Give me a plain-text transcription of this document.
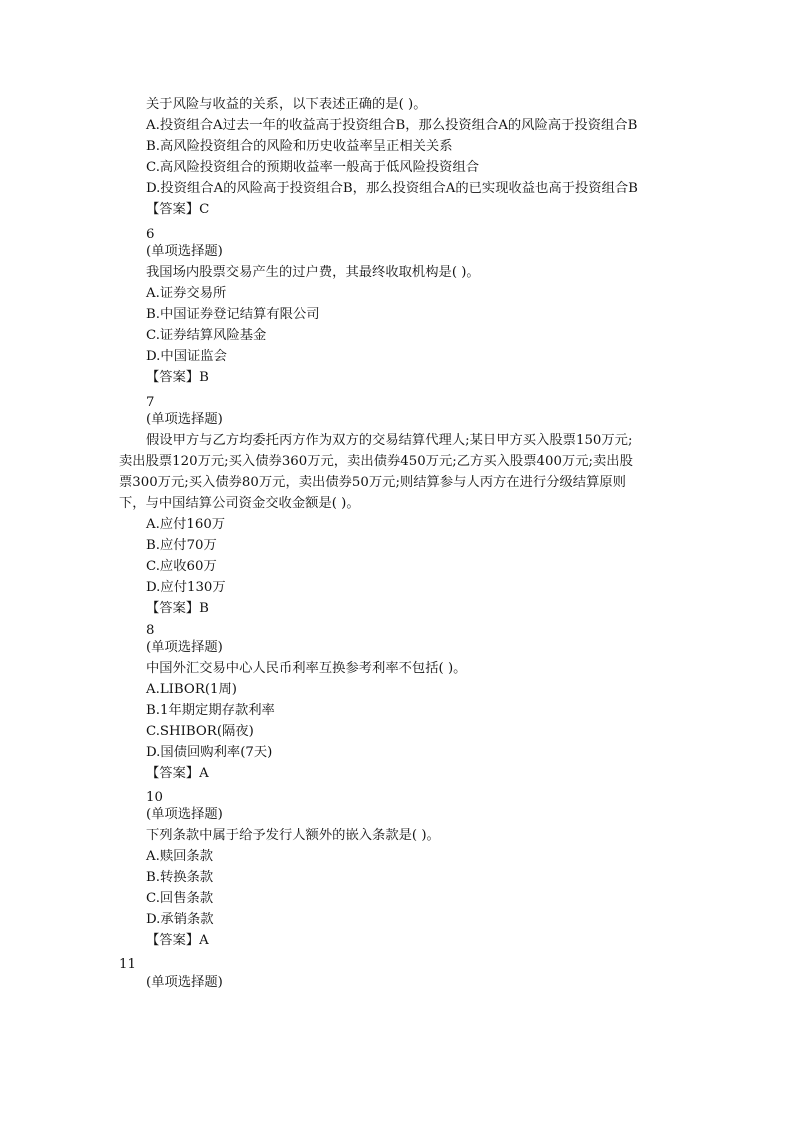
关于风险与收益的关系，以下表述正确的是( )。
A.投资组合A过去一年的收益高于投资组合B，那么投资组合A的风险高于投资组合B
B.高风险投资组合的风险和历史收益率呈正相关关系
C.高风险投资组合的预期收益率一般高于低风险投资组合
D.投资组合A的风险高于投资组合B，那么投资组合A的已实现收益也高于投资组合B
【答案】C
6
(单项选择题)
我国场内股票交易产生的过户费，其最终收取机构是( )。
A.证券交易所
B.中国证券登记结算有限公司
C.证券结算风险基金
D.中国证监会
【答案】B
7
(单项选择题)
假设甲方与乙方均委托丙方作为双方的交易结算代理人;某日甲方买入股票150万元;
卖出股票120万元;买入债券360万元，卖出债券450万元;乙方买入股票400万元;卖出股
票300万元;买入债券80万元，卖出债券50万元;则结算参与人丙方在进行分级结算原则
下，与中国结算公司资金交收金额是( )。
A.应付160万
B.应付70万
C.应收60万
D.应付130万
【答案】B
8
(单项选择题)
中国外汇交易中心人民币利率互换参考利率不包括( )。
A.LIBOR(1周)
B.1年期定期存款利率
C.SHIBOR(隔夜)
D.国债回购利率(7天)
【答案】A
10
(单项选择题)
下列条款中属于给予发行人额外的嵌入条款是( )。
A.赎回条款
B.转换条款
C.回售条款
D.承销条款
【答案】A
11
(单项选择题)
